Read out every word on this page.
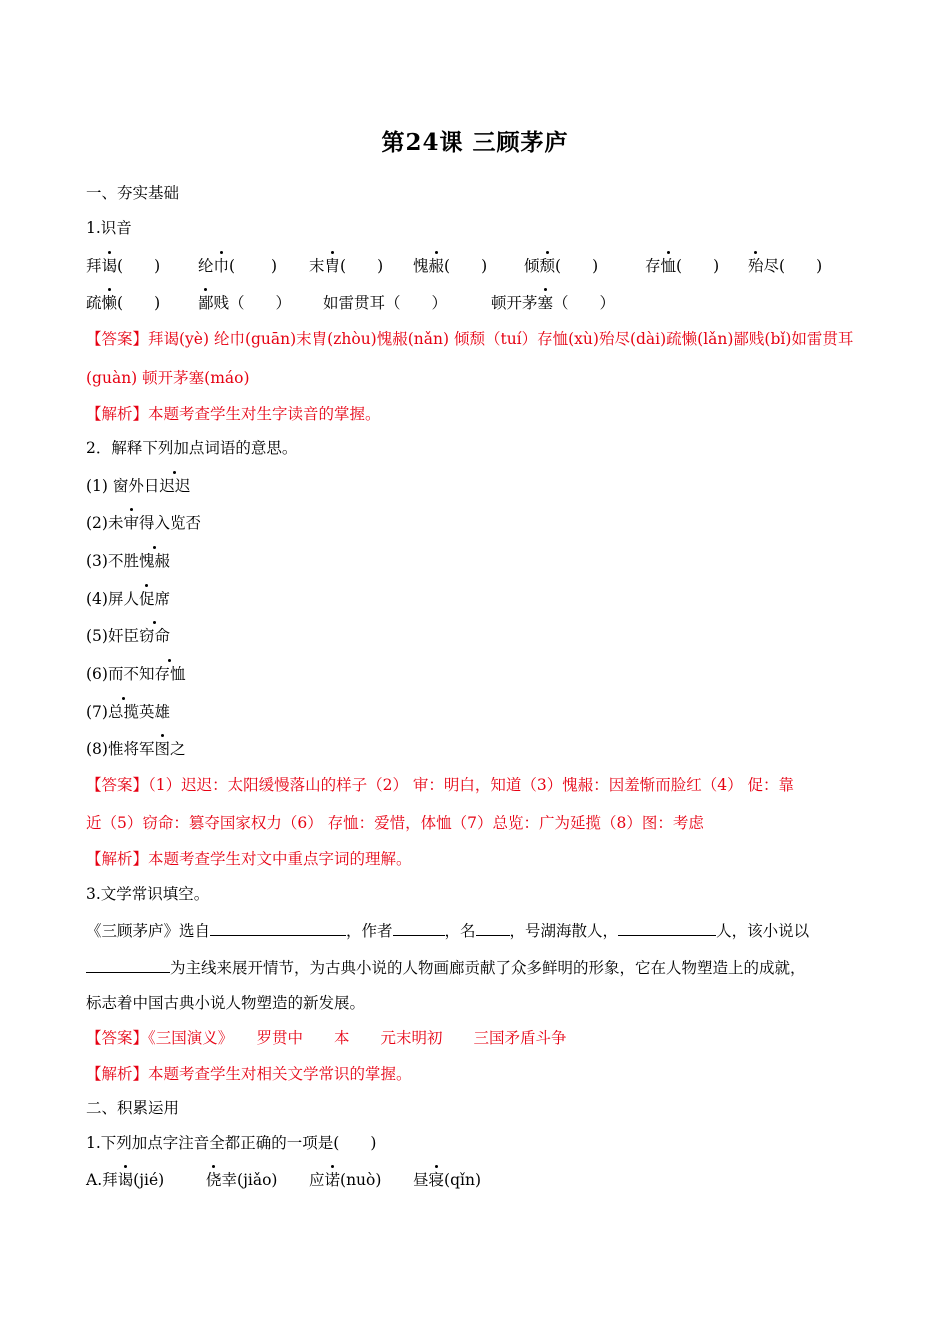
第24课 三顾茅庐
一、夯实基础
1.识音
拜谒(　　) 纶巾(　　 ) 末胄(　　) 愧赧(　　) 倾颓(　　)	存恤(　　) 殆尽(　　)
疏懒(　　) 鄙贱（　　） 如雷贯耳（　　）	顿开茅塞（　　）
【答案】拜谒(yè) 纶巾(guān)末胄(zhòu)愧赧(nǎn) 倾颓（tuí）存恤(xù)殆尽(dài)疏懒(lǎn)鄙贱(bǐ)如雷贯耳
(guàn) 顿开茅塞(máo)
【解析】本题考查学生对生字读音的掌握。
2．解释下列加点词语的意思。
(1) 窗外日迟迟
(2)未审得入览否
(3)不胜愧赧
(4)屏人促席
(5)奸臣窃命
(6)而不知存恤
(7)总揽英雄
(8)惟将军图之
【答案】（1）迟迟：太阳缓慢落山的样子（2） 审：明白，知道（3）愧赧：因羞惭而脸红（4） 促：靠
近（5）窃命：篡夺国家权力（6） 存恤：爱惜，体恤（7）总览：广为延揽（8）图：考虑
【解析】本题考查学生对文中重点字词的理解。
3.文学常识填空。
《三顾茅庐》选自	，作者	，名 ，号湖海散人，	人，该小说以
为主线来展开情节，为古典小说的人物画廊贡献了众多鲜明的形象，它在人物塑造上的成就，
标志着中国古典小说人物塑造的新发展。
【答案】《三国演义》　　罗贯中　　本　　元末明初　　三国矛盾斗争
【解析】本题考查学生对相关文学常识的掌握。
二、积累运用
1.下列加点字注音全都正确的一项是(　　)
A.拜谒(jié)	侥幸(jiǎo) 应诺(nuò) 昼寝(qǐn)
